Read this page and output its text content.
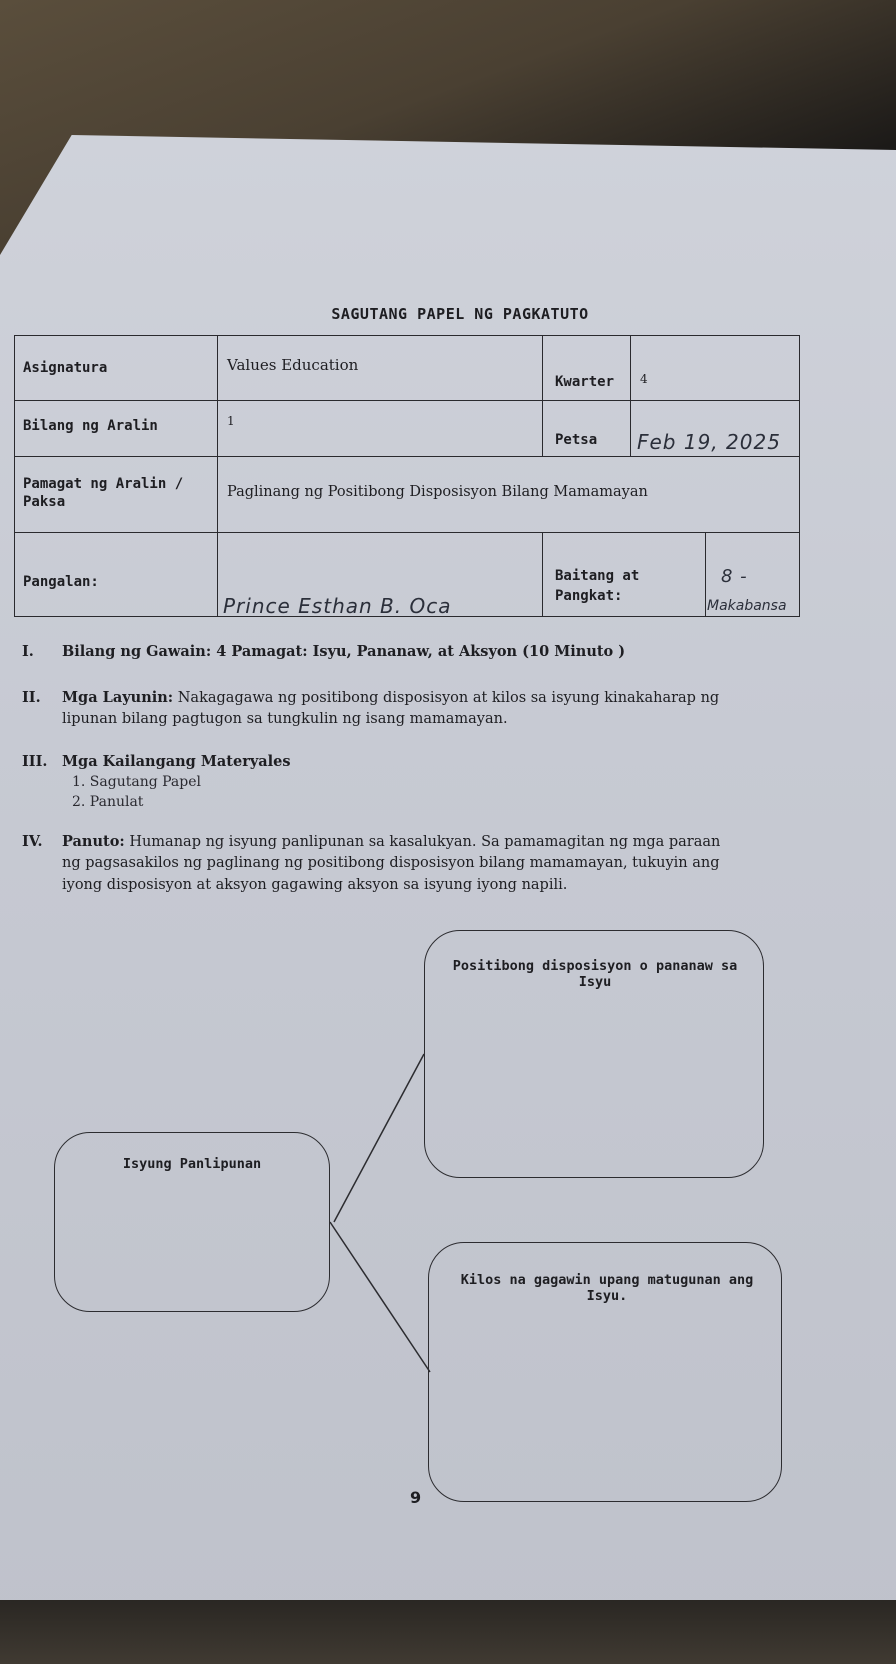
SAGUTANG PAPEL NG PAGKATUTO
Asignatura	Values Education
Kwarter 4
Bilang ng Aralin	1
Petsa Feb 19, 2025
Pamagat ng Aralin /
Paksa
Paglinang ng Positibong Disposisyon Bilang Mamamayan
Pangalan:
Prince Esthan B. Oca
Baitang at
Pangkat:
8 -
Makabansa
I. Bilang ng Gawain: 4 Pamagat: Isyu, Pananaw, at Aksyon (10 Minuto )
II. Mga Layunin: Nakagagawa ng positibong disposisyon at kilos sa isyung kinakaharap ng
lipunan bilang pagtugon sa tungkulin ng isang mamamayan.
III. Mga Kailangang Materyales
1. Sagutang Papel
2. Panulat
IV. Panuto: Humanap ng isyung panlipunan sa kasalukyan. Sa pamamagitan ng mga paraan
ng pagsasakilos ng paglinang ng positibong disposisyon bilang mamamayan, tukuyin ang
iyong disposisyon at aksyon gagawing aksyon sa isyung iyong napili.
Positibong disposisyon o pananaw sa Isyu
Isyung Panlipunan
Kilos na gagawin upang matugunan ang Isyu.
9
